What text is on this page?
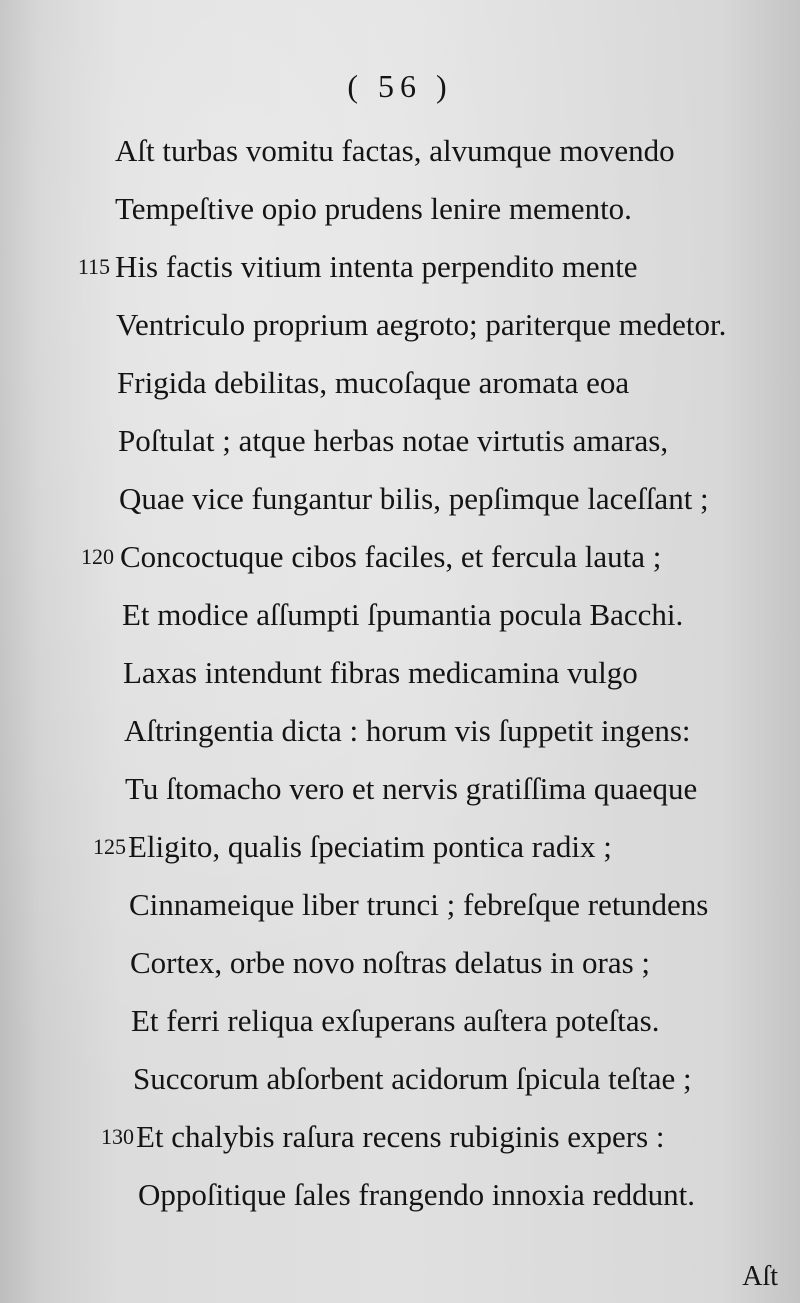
( 56 )
Aſt turbas vomitu factas, alvumque movendo
Tempeſtive opio prudens lenire memento.
115 His factis vitium intenta perpendito mente
Ventriculo proprium aegroto; pariterque medetor.
Frigida debilitas, mucoſaque aromata eoa
Poſtulat ; atque herbas notae virtutis amaras,
Quae vice fungantur bilis, pepſimque laceſſant ;
120 Concoctuque cibos faciles, et fercula lauta ;
Et modice aſſumpti ſpumantia pocula Bacchi.
Laxas intendunt fibras medicamina vulgo
Aſtringentia dicta : horum vis ſuppetit ingens:
Tu ſtomacho vero et nervis gratiſſima quaeque
125 Eligito, qualis ſpeciatim pontica radix ;
Cinnameique liber trunci ; febreſque retundens
Cortex, orbe novo noſtras delatus in oras ;
Et ferri reliqua exſuperans auſtera poteſtas.
Succorum abſorbent acidorum ſpicula teſtae ;
130 Et chalybis raſura recens rubiginis expers :
Oppoſitique ſales frangendo innoxia reddunt.
Aſt
